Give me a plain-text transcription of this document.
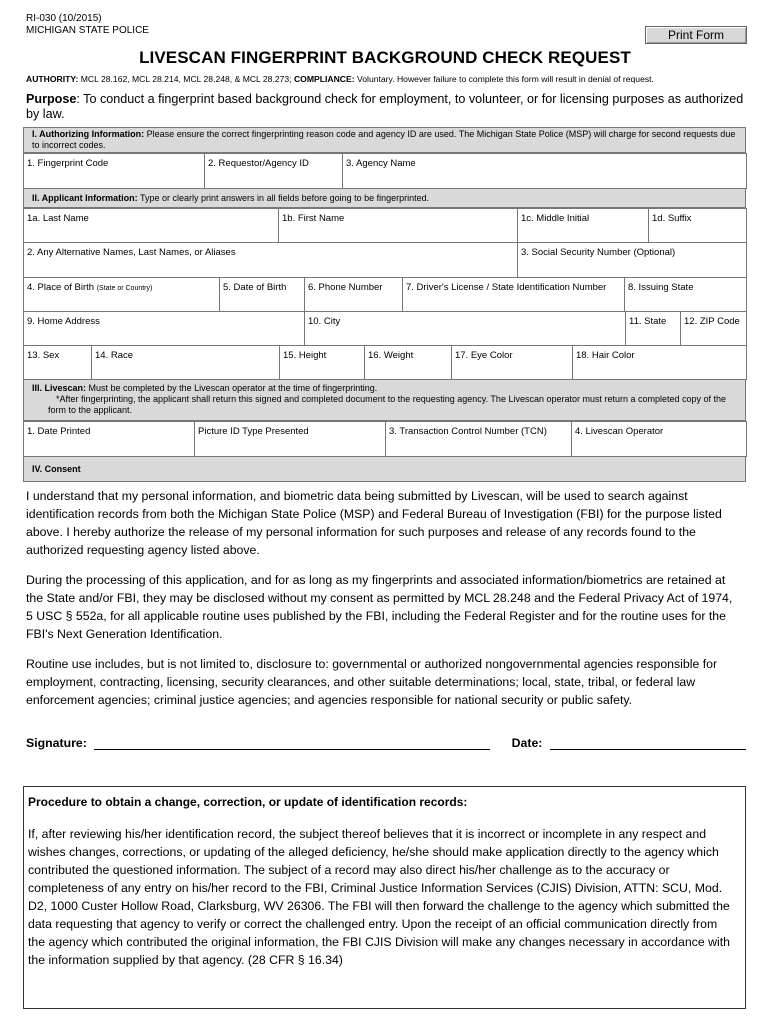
RI-030 (10/2015)
MICHIGAN STATE POLICE	Print Form
LIVESCAN FINGERPRINT BACKGROUND CHECK REQUEST
AUTHORITY: MCL 28.162, MCL 28.214, MCL 28.248, & MCL 28.273; COMPLIANCE: Voluntary. However failure to complete this form will result in denial of request.
Purpose: To conduct a fingerprint based background check for employment, to volunteer, or for licensing purposes as authorized by law.
I. Authorizing Information: Please ensure the correct fingerprinting reason code and agency ID are used. The Michigan State Police (MSP) will charge for second requests due to incorrect codes.
1. Fingerprint Code	2. Requestor/Agency ID	3. Agency Name
II. Applicant Information: Type or clearly print answers in all fields before going to be fingerprinted.
1a. Last Name	1b. First Name	1c. Middle Initial	1d. Suffix
2. Any Alternative Names, Last Names, or Aliases	3. Social Security Number (Optional)
4. Place of Birth (State or Country)	5. Date of Birth	6. Phone Number	7. Driver's License / State Identification Number	8. Issuing State
9. Home Address	10. City	11. State	12. ZIP Code
13. Sex	14. Race	15. Height	16. Weight	17. Eye Color	18. Hair Color
III. Livescan: Must be completed by the Livescan operator at the time of fingerprinting.
*After fingerprinting, the applicant shall return this signed and completed document to the requesting agency. The Livescan operator must return a completed copy of the form to the applicant.
1. Date Printed	Picture ID Type Presented	3. Transaction Control Number (TCN)	4. Livescan Operator
IV. Consent

I understand that my personal information, and biometric data being submitted by Livescan, will be used to search against identification records from both the Michigan State Police (MSP) and Federal Bureau of Investigation (FBI) for the purpose listed above. I hereby authorize the release of my personal information for such purposes and release of any records found to the authorized requesting agency listed above.

During the processing of this application, and for as long as my fingerprints and associated information/biometrics are retained at the State and/or FBI, they may be disclosed without my consent as permitted by MCL 28.248 and the Federal Privacy Act of 1974, 5 USC § 552a, for all applicable routine uses published by the FBI, including the Federal Register and for the routine uses for the FBI's Next Generation Identification.

Routine use includes, but is not limited to, disclosure to: governmental or authorized nongovernmental agencies responsible for employment, contracting, licensing, security clearances, and other suitable determinations; local, state, tribal, or federal law enforcement agencies; criminal justice agencies; and agencies responsible for national security or public safety.

Signature:	Date:
Procedure to obtain a change, correction, or update of identification records:
If, after reviewing his/her identification record, the subject thereof believes that it is incorrect or incomplete in any respect and wishes changes, corrections, or updating of the alleged deficiency, he/she should make application directly to the agency which contributed the questioned information. The subject of a record may also direct his/her challenge as to the accuracy or completeness of any entry on his/her record to the FBI, Criminal Justice Information Services (CJIS) Division, ATTN: SCU, Mod. D2, 1000 Custer Hollow Road, Clarksburg, WV 26306. The FBI will then forward the challenge to the agency which submitted the data requesting that agency to verify or correct the challenged entry. Upon the receipt of an official communication directly from the agency which contributed the original information, the FBI CJIS Division will make any changes necessary in accordance with the information supplied by that agency. (28 CFR § 16.34)
